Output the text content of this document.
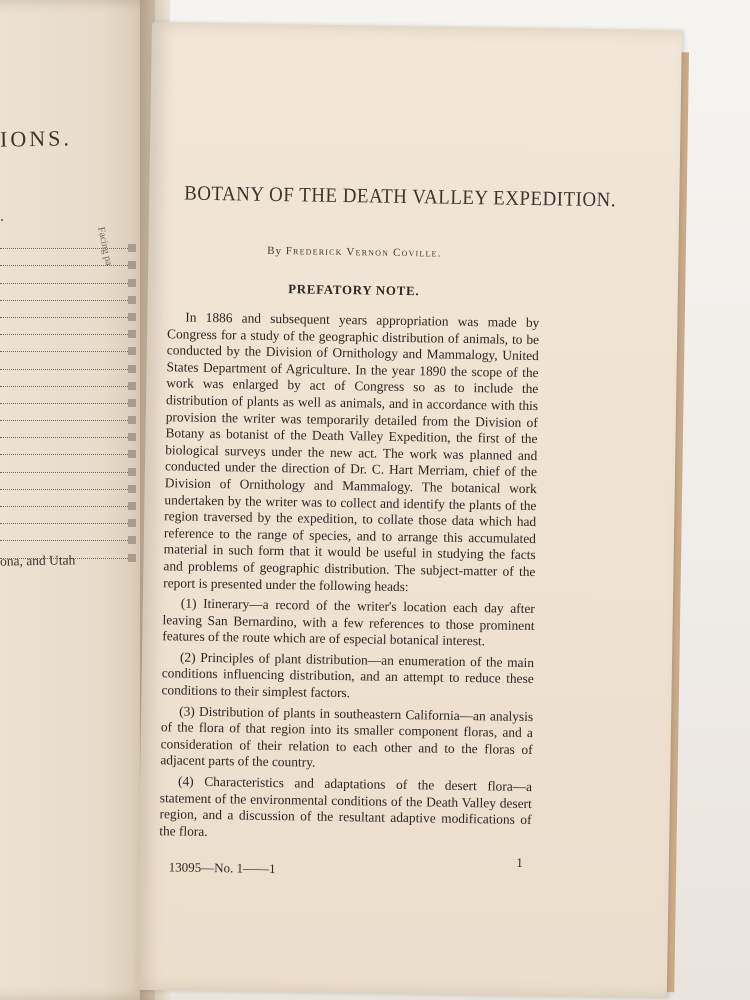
IONS.
.
Facing pa
ona, and Utah
BOTANY OF THE DEATH VALLEY EXPEDITION.
By Frederick Vernon Coville.
PREFATORY NOTE.

In 1886 and subsequent years appropriation was made by Congress for a study of the geographic distribution of animals, to be conducted by the Division of Ornithology and Mammalogy, United States Department of Agriculture. In the year 1890 the scope of the work was enlarged by act of Congress so as to include the distribution of plants as well as animals, and in accordance with this provision the writer was temporarily detailed from the Division of Botany as botanist of the Death Valley Expedition, the first of the biological surveys under the new act. The work was planned and conducted under the direction of Dr. C. Hart Merriam, chief of the Division of Ornithology and Mammalogy. The botanical work undertaken by the writer was to collect and identify the plants of the region traversed by the expedition, to collate those data which had reference to the range of species, and to arrange this accumulated material in such form that it would be useful in studying the facts and problems of geographic distribution. The subject-matter of the report is presented under the following heads:

(1) Itinerary—a record of the writer's location each day after leaving San Bernardino, with a few references to those prominent features of the route which are of especial botanical interest.

(2) Principles of plant distribution—an enumeration of the main conditions influencing distribution, and an attempt to reduce these conditions to their simplest factors.

(3) Distribution of plants in southeastern California—an analysis of the flora of that region into its smaller component floras, and a consideration of their relation to each other and to the floras of adjacent parts of the country.

(4) Characteristics and adaptations of the desert flora—a statement of the environmental conditions of the Death Valley desert region, and a discussion of the resultant adaptive modifications of the flora.

13095—No. 1——1	1
